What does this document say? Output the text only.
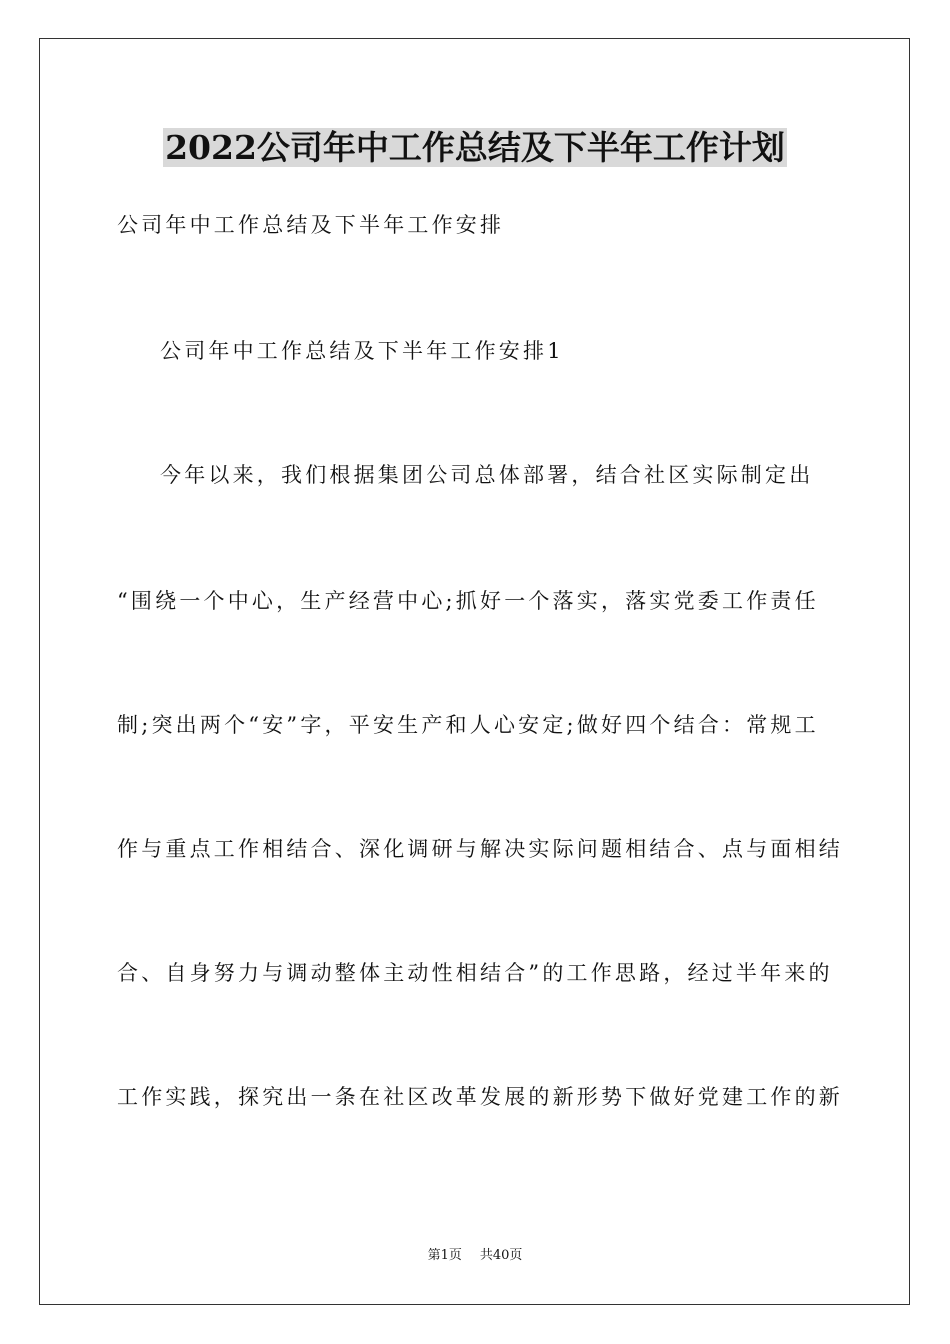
2022公司年中工作总结及下半年工作计划
公司年中工作总结及下半年工作安排
公司年中工作总结及下半年工作安排1
今年以来，我们根据集团公司总体部署，结合社区实际制定出
“围绕一个中心，生产经营中心;抓好一个落实，落实党委工作责任
制;突出两个“安”字，平安生产和人心安定;做好四个结合：常规工
作与重点工作相结合、深化调研与解决实际问题相结合、点与面相结
合、自身努力与调动整体主动性相结合”的工作思路，经过半年来的
工作实践，探究出一条在社区改革发展的新形势下做好党建工作的新
第1页 共40页
